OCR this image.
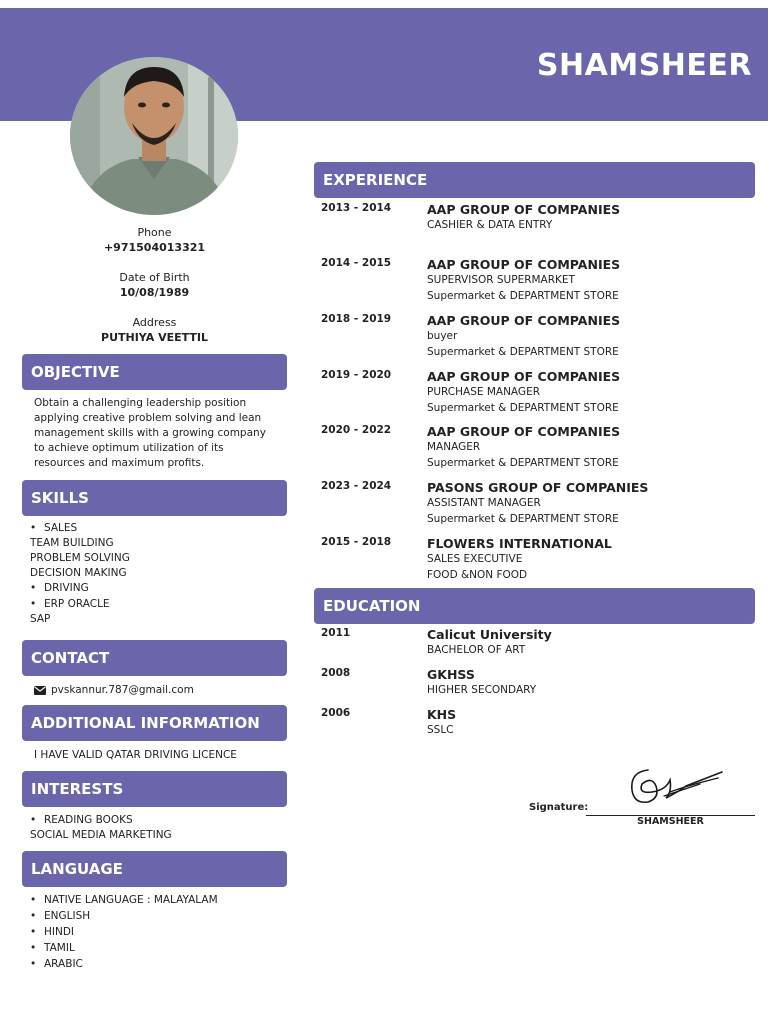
SHAMSHEER
Phone
+971504013321
Date of Birth
10/08/1989
Address
PUTHIYA VEETTIL
OBJECTIVE
Obtain a challenging leadership position applying creative problem solving and lean management skills with a growing company to achieve optimum utilization of its resources and maximum profits.
SKILLS
• SALES
TEAM BUILDING
PROBLEM SOLVING
DECISION MAKING
• DRIVING
• ERP ORACLE
SAP
CONTACT
pvskannur.787@gmail.com
ADDITIONAL INFORMATION
I HAVE VALID QATAR DRIVING LICENCE
INTERESTS
• READING BOOKS
SOCIAL MEDIA MARKETING
LANGUAGE
• NATIVE LANGUAGE : MALAYALAM
• ENGLISH
• HINDI
• TAMIL
• ARABIC
EXPERIENCE
2013 - 2014	AAP GROUP OF COMPANIES
CASHIER & DATA ENTRY
2014 - 2015	AAP GROUP OF COMPANIES
SUPERVISOR SUPERMARKET
Supermarket & DEPARTMENT STORE
2018 - 2019	AAP GROUP OF COMPANIES
buyer
Supermarket & DEPARTMENT STORE
2019 - 2020	AAP GROUP OF COMPANIES
PURCHASE MANAGER
Supermarket & DEPARTMENT STORE
2020 - 2022	AAP GROUP OF COMPANIES
MANAGER
Supermarket & DEPARTMENT STORE
2023 - 2024	PASONS GROUP OF COMPANIES
ASSISTANT MANAGER
Supermarket & DEPARTMENT STORE
2015 - 2018	FLOWERS INTERNATIONAL
SALES EXECUTIVE
FOOD &NON FOOD
EDUCATION
2011	Calicut University
BACHELOR OF ART
2008	GKHSS
HIGHER SECONDARY
2006	KHS
SSLC
Signature:
SHAMSHEER
